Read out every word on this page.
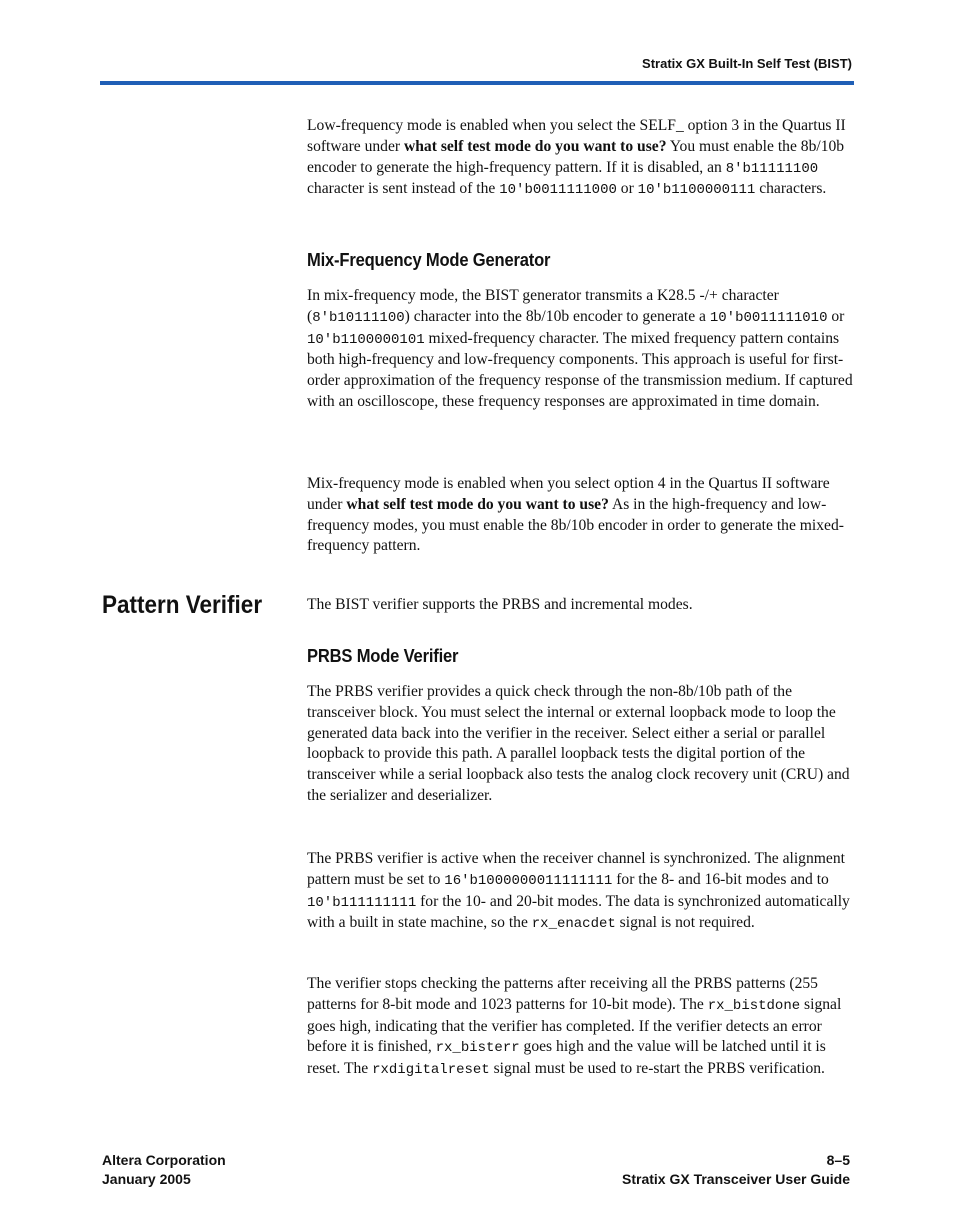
Stratix GX Built-In Self Test (BIST)

Low-frequency mode is enabled when you select the SELF_ option 3 in the Quartus II software under what self test mode do you want to use? You must enable the 8b/10b encoder to generate the high-frequency pattern. If it is disabled, an 8'b11111100 character is sent instead of the 10'b0011111000 or 10'b1100000111 characters.

Mix-Frequency Mode Generator

In mix-frequency mode, the BIST generator transmits a K28.5 -/+ character (8'b10111100) character into the 8b/10b encoder to generate a 10'b0011111010 or 10'b1100000101 mixed-frequency character. The mixed frequency pattern contains both high-frequency and low-frequency components. This approach is useful for first-order approximation of the frequency response of the transmission medium. If captured with an oscilloscope, these frequency responses are approximated in time domain.

Mix-frequency mode is enabled when you select option 4 in the Quartus II software under what self test mode do you want to use? As in the high-frequency and low-frequency modes, you must enable the 8b/10b encoder in order to generate the mixed-frequency pattern.

Pattern Verifier	The BIST verifier supports the PRBS and incremental modes.

PRBS Mode Verifier

The PRBS verifier provides a quick check through the non-8b/10b path of the transceiver block. You must select the internal or external loopback mode to loop the generated data back into the verifier in the receiver. Select either a serial or parallel loopback to provide this path. A parallel loopback tests the digital portion of the transceiver while a serial loopback also tests the analog clock recovery unit (CRU) and the serializer and deserializer.

The PRBS verifier is active when the receiver channel is synchronized. The alignment pattern must be set to 16'b1000000011111111 for the 8- and 16-bit modes and to 10'b111111111 for the 10- and 20-bit modes. The data is synchronized automatically with a built in state machine, so the rx_enacdet signal is not required.

The verifier stops checking the patterns after receiving all the PRBS patterns (255 patterns for 8-bit mode and 1023 patterns for 10-bit mode). The rx_bistdone signal goes high, indicating that the verifier has completed. If the verifier detects an error before it is finished, rx_bisterr goes high and the value will be latched until it is reset. The rxdigitalreset signal must be used to re-start the PRBS verification.

Altera Corporation
January 2005
8–5
Stratix GX Transceiver User Guide
